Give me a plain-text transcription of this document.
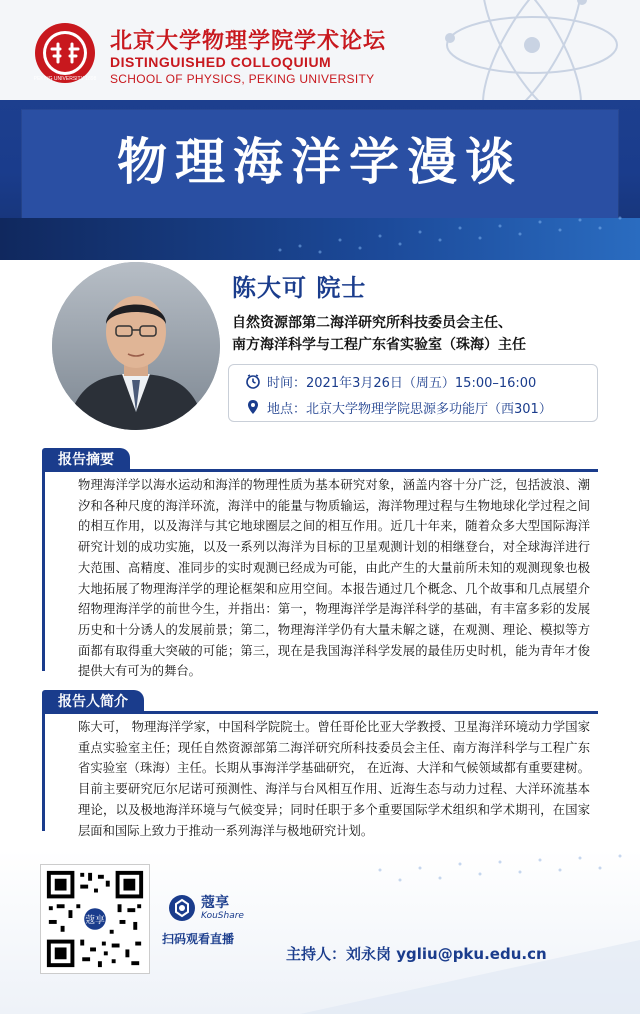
PEKING UNIVERSITY 1898
北京大学物理学院学术论坛
DISTINGUISHED COLLOQUIUM
SCHOOL OF PHYSICS, PEKING UNIVERSITY
物理海洋学漫谈
陈大可 院士
自然资源部第二海洋研究所科技委员会主任、
南方海洋科学与工程广东省实验室（珠海）主任
时间：2021年3月26日（周五）15:00–16:00
地点：北京大学物理学院思源多功能厅（西301）
报告摘要
物理海洋学以海水运动和海洋的物理性质为基本研究对象，涵盖内容十分广泛，包括波浪、潮汐和各种尺度的海洋环流，海洋中的能量与物质输运，海洋物理过程与生物地球化学过程之间的相互作用，以及海洋与其它地球圈层之间的相互作用。近几十年来，随着众多大型国际海洋研究计划的成功实施，以及一系列以海洋为目标的卫星观测计划的相继登台，对全球海洋进行大范围、高精度、准同步的实时观测已经成为可能，由此产生的大量前所未知的观测现象也极大地拓展了物理海洋学的理论框架和应用空间。本报告通过几个概念、几个故事和几点展望介绍物理海洋学的前世今生，并指出：第一，物理海洋学是海洋科学的基础，有丰富多彩的发展历史和十分诱人的发展前景；第二，物理海洋学仍有大量未解之谜，在观测、理论、模拟等方面都有取得重大突破的可能；第三，现在是我国海洋科学发展的最佳历史时机，能为青年才俊提供大有可为的舞台。
报告人简介
陈大可， 物理海洋学家，中国科学院院士。曾任哥伦比亚大学教授、卫星海洋环境动力学国家重点实验室主任；现任自然资源部第二海洋研究所科技委员会主任、南方海洋科学与工程广东省实验室（珠海）主任。长期从事海洋学基础研究， 在近海、大洋和气候领域都有重要建树。目前主要研究厄尔尼诺可预测性、海洋与台风相互作用、近海生态与动力过程、大洋环流基本理论，以及极地海洋环境与气候变异；同时任职于多个重要国际学术组织和学术期刊，在国家层面和国际上致力于推动一系列海洋与极地研究计划。
蔻享
蔻享
KouShare
扫码观看直播
主持人：刘永岗 ygliu@pku.edu.cn
